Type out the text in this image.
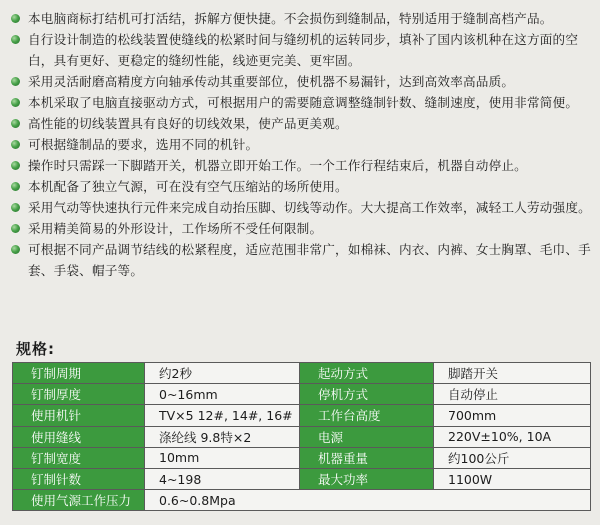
本电脑商标打结机可打活结，拆解方便快捷。不会损伤到缝制品，特别适用于缝制高档产品。
自行设计制造的松线装置使缝线的松紧时间与缝纫机的运转同步，填补了国内该机种在这方面的空白，具有更好、更稳定的缝纫性能，线迹更完美、更牢固。
采用灵活耐磨高精度方向轴承传动其重要部位，使机器不易漏针，达到高效率高品质。
本机采取了电脑直接驱动方式，可根据用户的需要随意调整缝制针数、缝制速度，使用非常简便。
高性能的切线装置具有良好的切线效果，使产品更美观。
可根据缝制品的要求，选用不同的机针。
操作时只需踩一下脚踏开关，机器立即开始工作。一个工作行程结束后，机器自动停止。
本机配备了独立气源，可在没有空气压缩站的场所使用。
采用气动等快速执行元件来完成自动抬压脚、切线等动作。大大提高工作效率，减轻工人劳动强度。
采用精美简易的外形设计，工作场所不受任何限制。
可根据不同产品调节结线的松紧程度，适应范围非常广，如棉袜、内衣、内裤、女士胸罩、毛巾、手套、手袋、帽子等。
规格:
钉制周期	约2秒	起动方式	脚踏开关
钉制厚度	0~16mm	停机方式	自动停止
使用机针	TV×5 12#, 14#, 16#	工作台高度	700mm
使用缝线	涤纶线 9.8特×2	电源	220V±10%, 10A
钉制宽度	10mm	机器重量	约100公斤
钉制针数	4~198	最大功率	1100W
使用气源工作压力	0.6~0.8Mpa		
